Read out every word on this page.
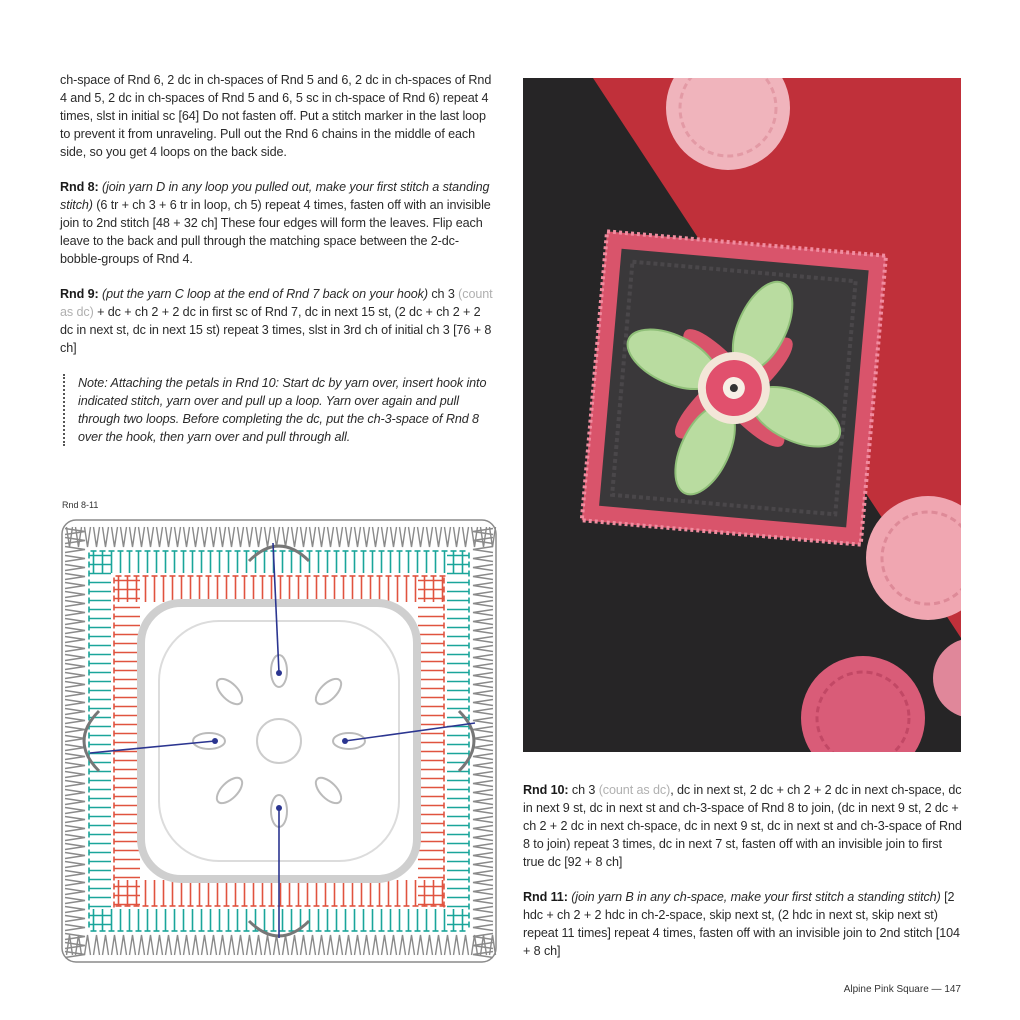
ch-space of Rnd 6, 2 dc in ch-spaces of Rnd 5 and 6, 2 dc in ch-spaces of Rnd 4 and 5, 2 dc in ch-spaces of Rnd 5 and 6, 5 sc in ch-space of Rnd 6) repeat 4 times, slst in initial sc [64] Do not fasten off. Put a stitch marker in the last loop to prevent it from unraveling. Pull out the Rnd 6 chains in the middle of each side, so you get 4 loops on the back side.

Rnd 8: (join yarn D in any loop you pulled out, make your first stitch a standing stitch) (6 tr + ch 3 + 6 tr in loop, ch 5) repeat 4 times, fasten off with an invisible join to 2nd stitch [48 + 32 ch] These four edges will form the leaves. Flip each leave to the back and pull through the matching space between the 2-dc-bobble-groups of Rnd 4.

Rnd 9: (put the yarn C loop at the end of Rnd 7 back on your hook) ch 3 (count as dc) + dc + ch 2 + 2 dc in first sc of Rnd 7, dc in next 15 st, (2 dc + ch 2 + 2 dc in next st, dc in next 15 st) repeat 3 times, slst in 3rd ch of initial ch 3 [76 + 8 ch]

Note: Attaching the petals in Rnd 10: Start dc by yarn over, insert hook into indicated stitch, yarn over and pull up a loop. Yarn over again and pull through two loops. Before completing the dc, put the ch-3-space of Rnd 8 over the hook, then yarn over and pull through all.

Rnd 8-11

Rnd 10: ch 3 (count as dc), dc in next st, 2 dc + ch 2 + 2 dc in next ch-space, dc in next 9 st, dc in next st and ch-3-space of Rnd 8 to join, (dc in next 9 st, 2 dc + ch 2 + 2 dc in next ch-space, dc in next 9 st, dc in next st and ch-3-space of Rnd 8 to join) repeat 3 times, dc in next 7 st, fasten off with an invisible join to first true dc [92 + 8 ch]

Rnd 11: (join yarn B in any ch-space, make your first stitch a standing stitch) [2 hdc + ch 2 + 2 hdc in ch-2-space, skip next st, (2 hdc in next st, skip next st) repeat 11 times] repeat 4 times, fasten off with an invisible join to 2nd stitch [104 + 8 ch]

Alpine Pink Square — 147
